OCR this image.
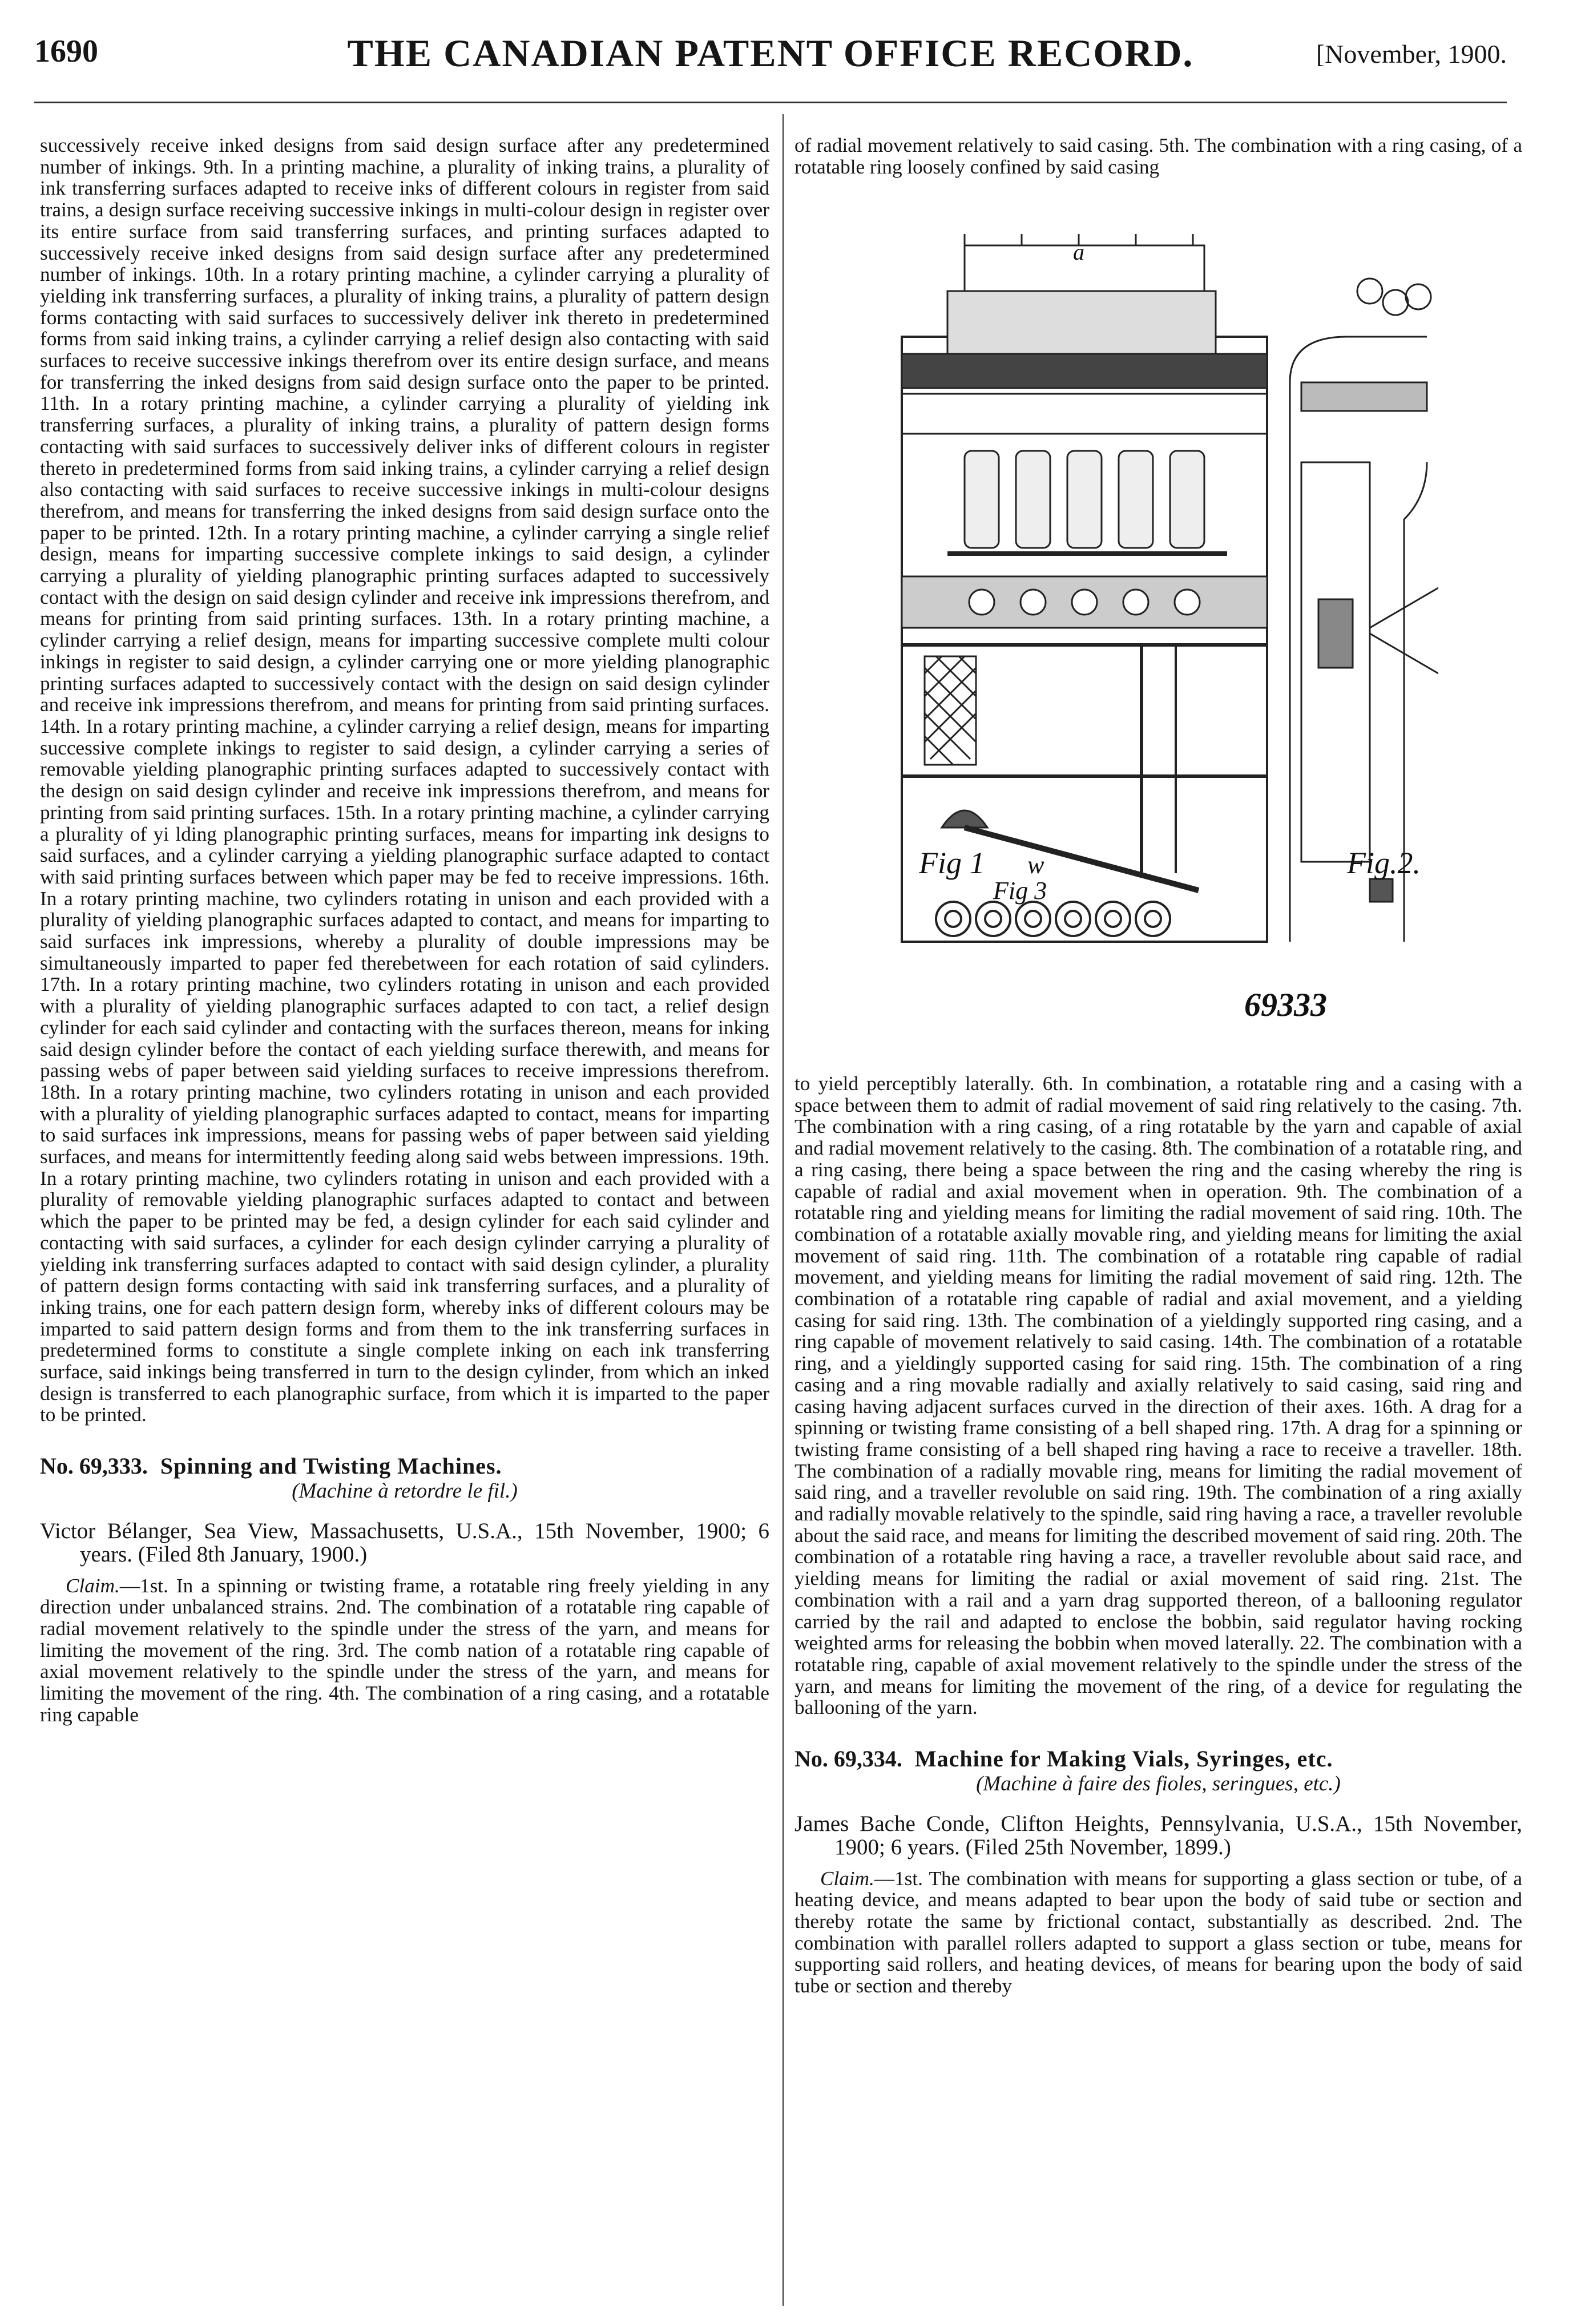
1690	THE CANADIAN PATENT OFFICE RECORD.	[November, 1900.

successively receive inked designs from said design surface after any predetermined number of inkings. 9th. In a printing machine, a plurality of inking trains, a plurality of ink transferring surfaces adapted to receive inks of different colours in register from said trains, a design surface receiving successive inkings in multi-colour design in register over its entire surface from said transferring surfaces, and printing surfaces adapted to successively receive inked designs from said design surface after any predetermined number of inkings. 10th. In a rotary printing machine, a cylinder carrying a plurality of yielding ink transferring surfaces, a plurality of inking trains, a plurality of pattern design forms contacting with said surfaces to successively deliver ink thereto in predetermined forms from said inking trains, a cylinder carrying a relief design also contacting with said surfaces to receive successive inkings therefrom over its entire design surface, and means for transferring the inked designs from said design surface onto the paper to be printed. 11th. In a rotary printing machine, a cylinder carrying a plurality of yielding ink transferring surfaces, a plurality of inking trains, a plurality of pattern design forms contacting with said surfaces to successively deliver inks of different colours in register thereto in predetermined forms from said inking trains, a cylinder carrying a relief design also contacting with said surfaces to receive successive inkings in multi-colour designs therefrom, and means for transferring the inked designs from said design surface onto the paper to be printed. 12th. In a rotary printing machine, a cylinder carrying a single relief design, means for imparting successive complete inkings to said design, a cylinder carrying a plurality of yielding planographic printing surfaces adapted to successively contact with the design on said design cylinder and receive ink impressions therefrom, and means for printing from said printing surfaces. 13th. In a rotary printing machine, a cylinder carrying a relief design, means for imparting successive complete multi colour inkings in register to said design, a cylinder carrying one or more yielding planographic printing surfaces adapted to successively contact with the design on said design cylinder and receive ink impressions therefrom, and means for printing from said printing surfaces. 14th. In a rotary printing machine, a cylinder carrying a relief design, means for imparting successive complete inkings to register to said design, a cylinder carrying a series of removable yielding planographic printing surfaces adapted to successively contact with the design on said design cylinder and receive ink impressions therefrom, and means for printing from said printing surfaces. 15th. In a rotary printing machine, a cylinder carrying a plurality of yi lding planographic printing surfaces, means for imparting ink designs to said surfaces, and a cylinder carrying a yielding planographic surface adapted to contact with said printing surfaces between which paper may be fed to receive impressions. 16th. In a rotary printing machine, two cylinders rotating in unison and each provided with a plurality of yielding planographic surfaces adapted to contact, and means for imparting to said surfaces ink impressions, whereby a plurality of double impressions may be simultaneously imparted to paper fed therebetween for each rotation of said cylinders. 17th. In a rotary printing machine, two cylinders rotating in unison and each provided with a plurality of yielding planographic surfaces adapted to con tact, a relief design cylinder for each said cylinder and contacting with the surfaces thereon, means for inking said design cylinder before the contact of each yielding surface therewith, and means for passing webs of paper between said yielding surfaces to receive impressions therefrom. 18th. In a rotary printing machine, two cylinders rotating in unison and each provided with a plurality of yielding planographic surfaces adapted to contact, means for imparting to said surfaces ink impressions, means for passing webs of paper between said yielding surfaces, and means for intermittently feeding along said webs between impressions. 19th. In a rotary printing machine, two cylinders rotating in unison and each provided with a plurality of removable yielding planographic surfaces adapted to contact and between which the paper to be printed may be fed, a design cylinder for each said cylinder and contacting with said surfaces, a cylinder for each design cylinder carrying a plurality of yielding ink transferring surfaces adapted to contact with said design cylinder, a plurality of pattern design forms contacting with said ink transferring surfaces, and a plurality of inking trains, one for each pattern design form, whereby inks of different colours may be imparted to said pattern design forms and from them to the ink transferring surfaces in predetermined forms to constitute a single complete inking on each ink transferring surface, said inkings being transferred in turn to the design cylinder, from which an inked design is transferred to each planographic surface, from which it is imparted to the paper to be printed.

No. 69,333. Spinning and Twisting Machines.

(Machine à retordre le fil.)

Victor Bélanger, Sea View, Massachusetts, U.S.A., 15th November, 1900; 6 years. (Filed 8th January, 1900.)

Claim.—1st. In a spinning or twisting frame, a rotatable ring freely yielding in any direction under unbalanced strains. 2nd. The combination of a rotatable ring capable of radial movement relatively to the spindle under the stress of the yarn, and means for limiting the movement of the ring. 3rd. The comb nation of a rotatable ring capable of axial movement relatively to the spindle under the stress of the yarn, and means for limiting the movement of the ring. 4th. The combination of a ring casing, and a rotatable ring capable

of radial movement relatively to said casing. 5th. The combination with a ring casing, of a rotatable ring loosely confined by said casing

Fig 1 w
Fig 3
Fig.2.
a
69333

to yield perceptibly laterally. 6th. In combination, a rotatable ring and a casing with a space between them to admit of radial movement of said ring relatively to the casing. 7th. The combination with a ring casing, of a ring rotatable by the yarn and capable of axial and radial movement relatively to the casing. 8th. The combination of a rotatable ring, and a ring casing, there being a space between the ring and the casing whereby the ring is capable of radial and axial movement when in operation. 9th. The combination of a rotatable ring and yielding means for limiting the radial movement of said ring. 10th. The combination of a rotatable axially movable ring, and yielding means for limiting the axial movement of said ring. 11th. The combination of a rotatable ring capable of radial movement, and yielding means for limiting the radial movement of said ring. 12th. The combination of a rotatable ring capable of radial and axial movement, and a yielding casing for said ring. 13th. The combination of a yieldingly supported ring casing, and a ring capable of movement relatively to said casing. 14th. The combination of a rotatable ring, and a yieldingly supported casing for said ring. 15th. The combination of a ring casing and a ring movable radially and axially relatively to said casing, said ring and casing having adjacent surfaces curved in the direction of their axes. 16th. A drag for a spinning or twisting frame consisting of a bell shaped ring. 17th. A drag for a spinning or twisting frame consisting of a bell shaped ring having a race to receive a traveller. 18th. The combination of a radially movable ring, means for limiting the radial movement of said ring, and a traveller revoluble on said ring. 19th. The combination of a ring axially and radially movable relatively to the spindle, said ring having a race, a traveller revoluble about the said race, and means for limiting the described movement of said ring. 20th. The combination of a rotatable ring having a race, a traveller revoluble about said race, and yielding means for limiting the radial or axial movement of said ring. 21st. The combination with a rail and a yarn drag supported thereon, of a ballooning regulator carried by the rail and adapted to enclose the bobbin, said regulator having rocking weighted arms for releasing the bobbin when moved laterally. 22. The combination with a rotatable ring, capable of axial movement relatively to the spindle under the stress of the yarn, and means for limiting the movement of the ring, of a device for regulating the ballooning of the yarn.

No. 69,334. Machine for Making Vials, Syringes, etc.

(Machine à faire des fioles, seringues, etc.)

James Bache Conde, Clifton Heights, Pennsylvania, U.S.A., 15th November, 1900; 6 years. (Filed 25th November, 1899.)

Claim.—1st. The combination with means for supporting a glass section or tube, of a heating device, and means adapted to bear upon the body of said tube or section and thereby rotate the same by frictional contact, substantially as described. 2nd. The combination with parallel rollers adapted to support a glass section or tube, means for supporting said rollers, and heating devices, of means for bearing upon the body of said tube or section and thereby
